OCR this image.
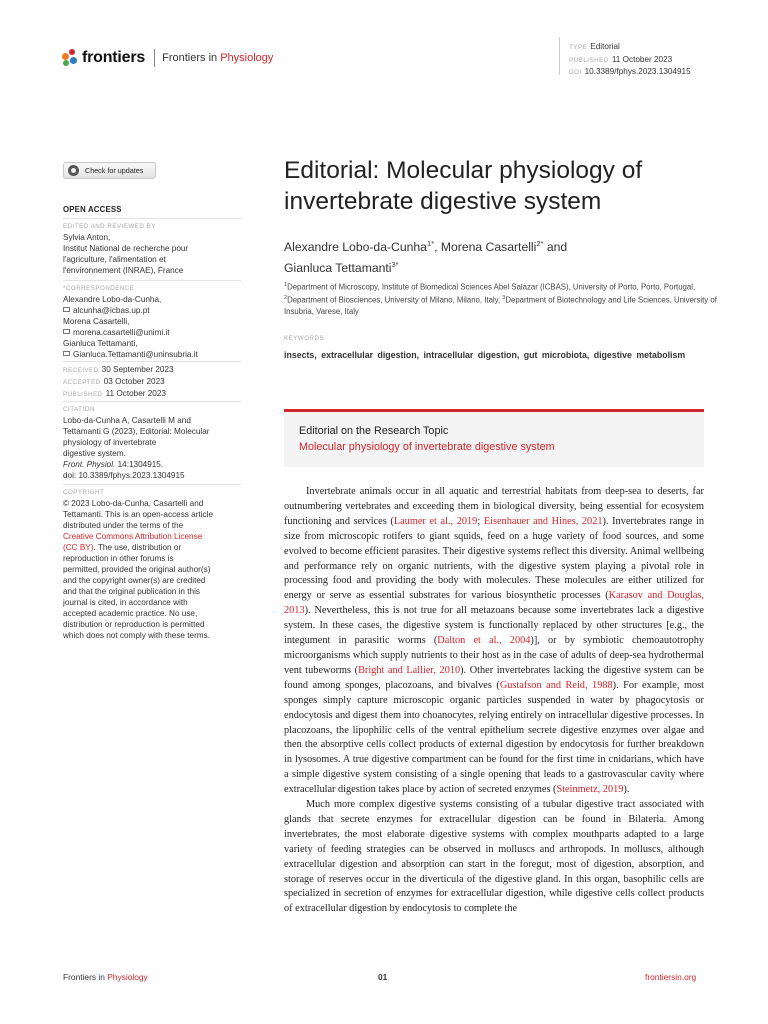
frontiers Frontiers in Physiology
TYPE Editorial
PUBLISHED 11 October 2023
DOI 10.3389/fphys.2023.1304915
Check for updates
OPEN ACCESS
EDITED AND REVIEWED BY
Sylvia Anton,
Institut National de recherche pour
l'agriculture, l'alimentation et
l'environnement (INRAE), France
*CORRESPONDENCE
Alexandre Lobo-da-Cunha,
alcunha@icbas.up.pt
Morena Casartelli,
morena.casartelli@unimi.it
Gianluca Tettamanti,
Gianluca.Tettamanti@uninsubria.it
RECEIVED 30 September 2023
ACCEPTED 03 October 2023
PUBLISHED 11 October 2023
CITATION
Lobo-da-Cunha A, Casartelli M and
Tettamanti G (2023), Editorial: Molecular
physiology of invertebrate
digestive system.
Front. Physiol. 14:1304915.
doi: 10.3389/fphys.2023.1304915
COPYRIGHT
© 2023 Lobo-da-Cunha, Casartelli and
Tettamanti. This is an open-access article
distributed under the terms of the
Creative Commons Attribution License
(CC BY). The use, distribution or
reproduction in other forums is
permitted, provided the original author(s)
and the copyright owner(s) are credited
and that the original publication in this
journal is cited, in accordance with
accepted academic practice. No use,
distribution or reproduction is permitted
which does not comply with these terms.
Editorial: Molecular physiology of invertebrate digestive system
Alexandre Lobo-da-Cunha$^{1*}$, Morena Casartelli$^{2*}$ and
Gianluca Tettamanti$^{3*}$
$^1$Department of Microscopy, Institute of Biomedical Sciences Abel Salazar (ICBAS), University of Porto, Porto, Portugal, $^2$Department of Biosciences, University of Milano, Milano, Italy, $^3$Department of Biotechnology and Life Sciences, University of Insubria, Varese, Italy
KEYWORDS
insects, extracellular digestion, intracellular digestion, gut microbiota, digestive metabolism
Editorial on the Research Topic
Molecular physiology of invertebrate digestive system

Invertebrate animals occur in all aquatic and terrestrial habitats from deep-sea to deserts, far outnumbering vertebrates and exceeding them in biological diversity, being essential for ecosystem functioning and services (Laumer et al., 2019; Eisenhauer and Hines, 2021). Invertebrates range in size from microscopic rotifers to giant squids, feed on a huge variety of food sources, and some evolved to become efficient parasites. Their digestive systems reflect this diversity. Animal wellbeing and performance rely on organic nutrients, with the digestive system playing a pivotal role in processing food and providing the body with molecules. These molecules are either utilized for energy or serve as essential substrates for various biosynthetic processes (Karasov and Douglas, 2013). Nevertheless, this is not true for all metazoans because some invertebrates lack a digestive system. In these cases, the digestive system is functionally replaced by other structures [e.g., the integument in parasitic worms (Dalton et al., 2004)], or by symbiotic chemoautotrophy microorganisms which supply nutrients to their host as in the case of adults of deep-sea hydrothermal vent tubeworms (Bright and Lallier, 2010). Other invertebrates lacking the digestive system can be found among sponges, placozoans, and bivalves (Gustafson and Reid, 1988). For example, most sponges simply capture microscopic organic particles suspended in water by phagocytosis or endocytosis and digest them into choanocytes, relying entirely on intracellular digestive processes. In placozoans, the lipophilic cells of the ventral epithelium secrete digestive enzymes over algae and then the absorptive cells collect products of external digestion by endocytosis for further breakdown in lysosomes. A true digestive compartment can be found for the first time in cnidarians, which have a simple digestive system consisting of a single opening that leads to a gastrovascular cavity where extracellular digestion takes place by action of secreted enzymes (Steinmetz, 2019).

Much more complex digestive systems consisting of a tubular digestive tract associated with glands that secrete enzymes for extracellular digestion can be found in Bilateria. Among invertebrates, the most elaborate digestive systems with complex mouthparts adapted to a large variety of feeding strategies can be observed in molluscs and arthropods. In molluscs, although extracellular digestion and absorption can start in the foregut, most of digestion, absorption, and storage of reserves occur in the diverticula of the digestive gland. In this organ, basophilic cells are specialized in secretion of enzymes for extracellular digestion, while digestive cells collect products of extracellular digestion by endocytosis to complete the

Frontiers in Physiology	01	frontiersin.org
